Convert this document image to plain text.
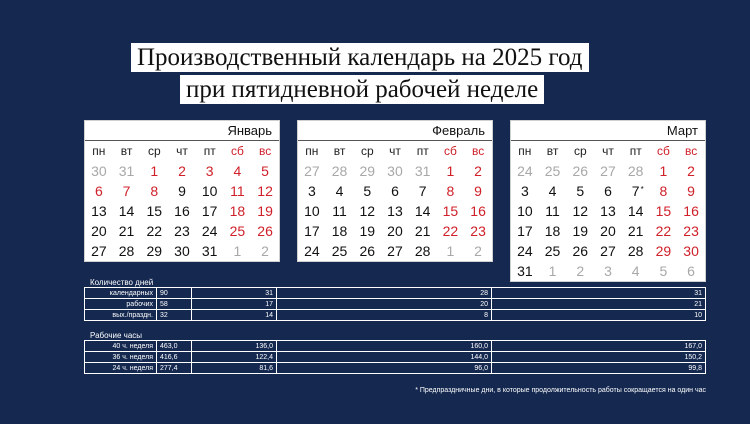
Производственный календарь на 2025 год
при пятидневной рабочей неделе
Январь
пн	вт	ср	чт	пт	сб	вс
30 31	1	2	3	4	5
6	7	8	9	10 11 12
13 14 15 16 17 18 19
20 21 22 23 24 25 26
27 28 29 30 31	1	2
Февраль
пн	вт	ср	чт	пт	сб	вс
27 28 29 30 31	1	2
3	4	5	6	7	8	9
10 11 12 13 14 15 16
17 18 19 20 21 22 23
24 25 26 27 28	1	2
Март
пн	вт	ср	чт	пт	сб	вс
24 25 26 27 28	1	2
3	4	5	6	7 *	8	9
10 11 12 13 14 15 16
17 18 19 20 21 22 23
24 25 26 27 28 29 30
31	1	2	3	4	5	6
Количество дней
календарных	90	31	28	31
рабочих	58	17	20	21
вых./праздн.	32	14	8	10
Рабочие часы
40 ч. неделя	463,0	136,0	160,0	167,0
36 ч. неделя	416,6	122,4	144,0	150,2
24 ч. неделя	277,4	81,6	96,0	99,8
* Предпраздничные дни, в которые продолжительность работы сокращается на один час
